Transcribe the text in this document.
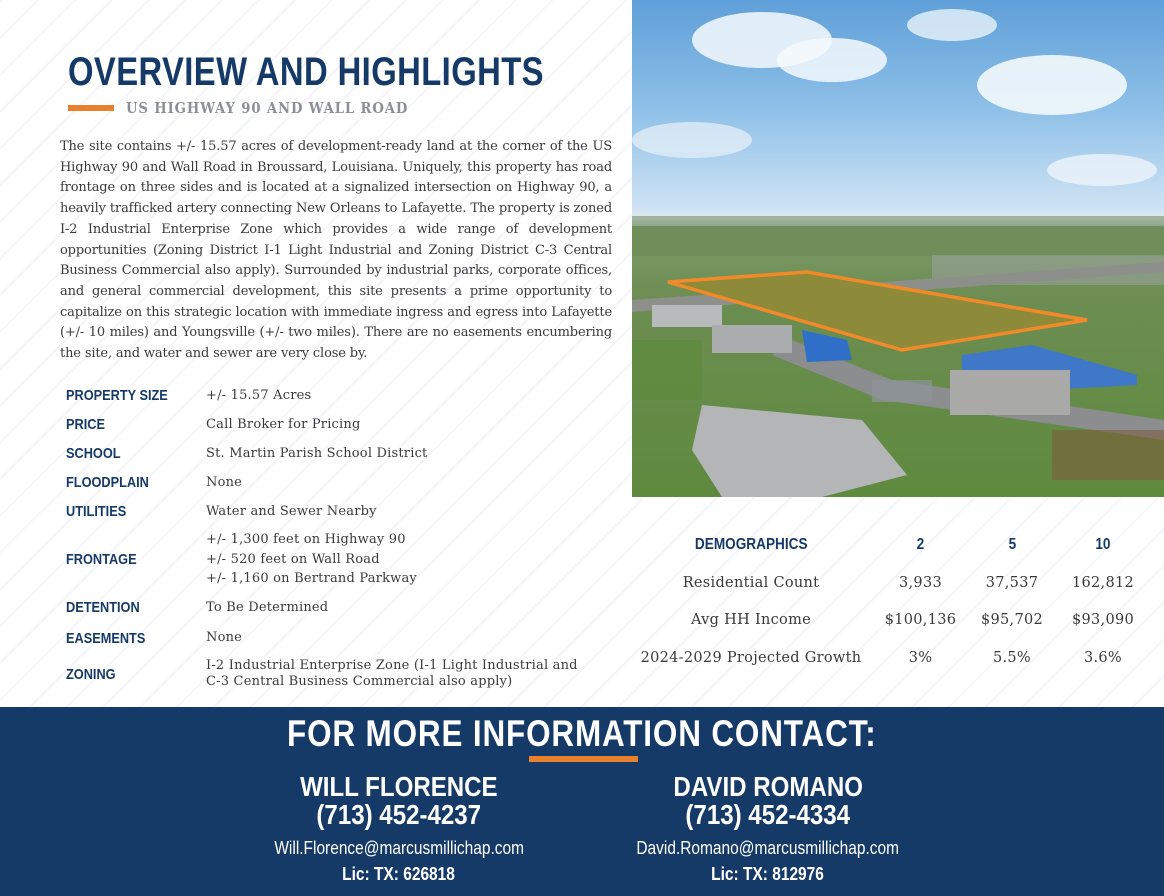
OVERVIEW AND HIGHLIGHTS
US HIGHWAY 90 AND WALL ROAD

The site contains +/- 15.57 acres of development-ready land at the corner of the US Highway 90 and Wall Road in Broussard, Louisiana. Uniquely, this property has road frontage on three sides and is located at a signalized intersection on Highway 90, a heavily trafficked artery connecting New Orleans to Lafayette. The property is zoned I-2 Industrial Enterprise Zone which provides a wide range of development opportunities (Zoning District I-1 Light Industrial and Zoning District C-3 Central Business Commercial also apply). Surrounded by industrial parks, corporate offices, and general commercial development, this site presents a prime opportunity to capitalize on this strategic location with immediate ingress and egress into Lafayette (+/- 10 miles) and Youngsville (+/- two miles). There are no easements encumbering the site, and water and sewer are very close by.

PROPERTY SIZE	+/- 15.57 Acres
PRICE	Call Broker for Pricing
SCHOOL	St. Martin Parish School District
FLOODPLAIN	None
UTILITIES	Water and Sewer Nearby
FRONTAGE
+/- 1,300 feet on Highway 90
+/- 520 feet on Wall Road
+/- 1,160 on Bertrand Parkway
DETENTION	To Be Determined
EASEMENTS	None
ZONING	I-2 Industrial Enterprise Zone (I-1 Light Industrial and
C-3 Central Business Commercial also apply)
DEMOGRAPHICS	2	5	10
Residential Count	3,933	37,537	162,812
Avg HH Income	$100,136	$95,702	$93,090
2024-2029 Projected Growth	3%	5.5%	3.6%
FOR MORE INFORMATION CONTACT:
WILL FLORENCE
(713) 452-4237
Will.Florence@marcusmillichap.com
Lic: TX: 626818
DAVID ROMANO
(713) 452-4334
David.Romano@marcusmillichap.com
Lic: TX: 812976
